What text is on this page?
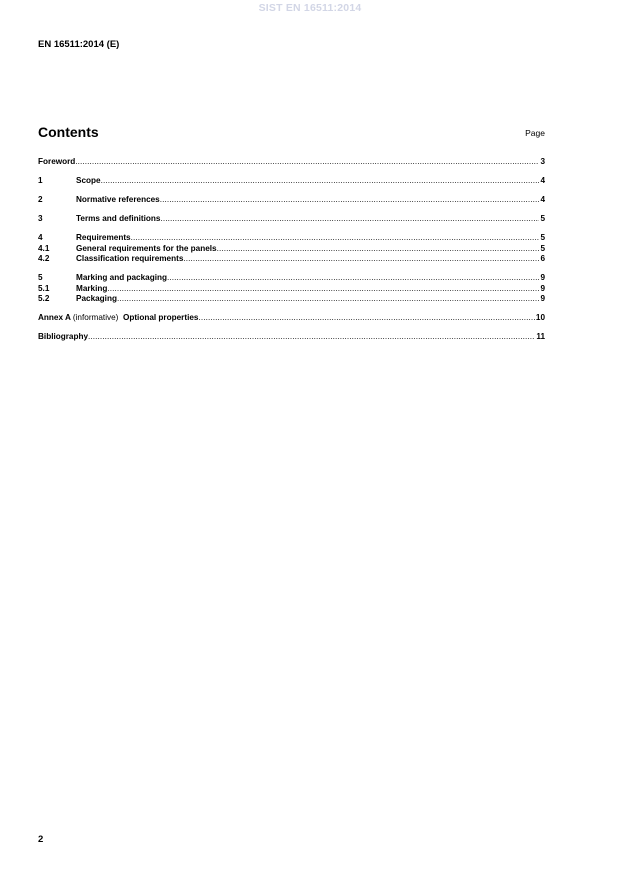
SIST EN 16511:2014
EN 16511:2014 (E)
Contents	Page
Foreword .....	3
1	Scope .....	4
2	Normative references .....	4
3	Terms and definitions .....	5
4	Requirements .....	5
4.1	General requirements for the panels .....	5
4.2	Classification requirements .....	6
5	Marking and packaging .....	9
5.1	Marking .....	9
5.2	Packaging .....	9
Annex A (informative) Optional properties .....	10
Bibliography .....	11
2
